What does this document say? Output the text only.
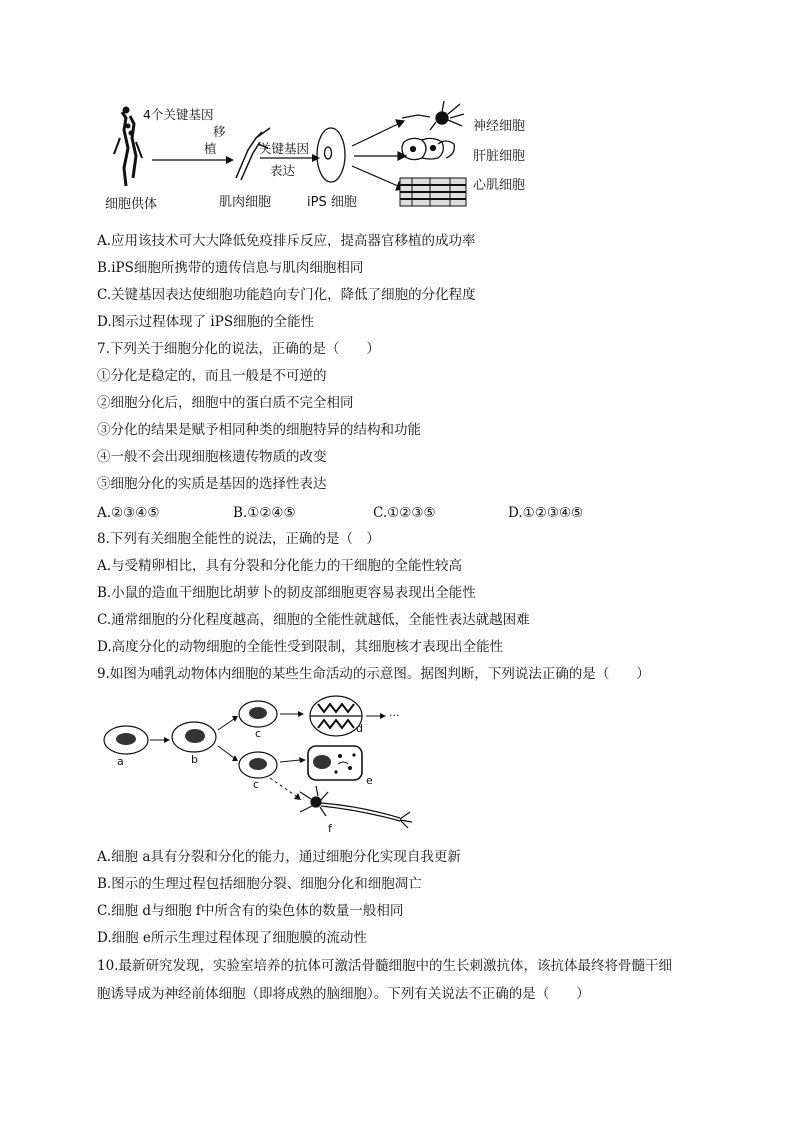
细胞供体
4个关键基因
移
植
肌肉细胞
关键基因
表达
iPS 细胞
神经细胞
肝脏细胞
心肌细胞
A.应用该技术可大大降低免疫排斥反应，提高器官移植的成功率
B.iPS细胞所携带的遗传信息与肌肉细胞相同
C.关键基因表达使细胞功能趋向专门化，降低了细胞的分化程度
D.图示过程体现了 iPS细胞的全能性
7.下列关于细胞分化的说法，正确的是（　　）
①分化是稳定的，而且一般是不可逆的
②细胞分化后，细胞中的蛋白质不完全相同
③分化的结果是赋予相同种类的细胞特异的结构和功能
④一般不会出现细胞核遗传物质的改变
⑤细胞分化的实质是基因的选择性表达
A.②③④⑤	B.①②④⑤	C.①②③⑤	D.①②③④⑤
8.下列有关细胞全能性的说法，正确的是（　）
A.与受精卵相比，具有分裂和分化能力的干细胞的全能性较高
B.小鼠的造血干细胞比胡萝卜的韧皮部细胞更容易表现出全能性
C.通常细胞的分化程度越高，细胞的全能性就越低，全能性表达就越困难
D.高度分化的动物细胞的全能性受到限制，其细胞核才表现出全能性
9.如图为哺乳动物体内细胞的某些生命活动的示意图。据图判断，下列说法正确的是（　　）
a	b
c	d
···
c	e
f
A.细胞 a具有分裂和分化的能力，通过细胞分化实现自我更新
B.图示的生理过程包括细胞分裂、细胞分化和细胞凋亡
C.细胞 d与细胞 f中所含有的染色体的数量一般相同
D.细胞 e所示生理过程体现了细胞膜的流动性
10.最新研究发现，实验室培养的抗体可激活骨髓细胞中的生长刺激抗体，该抗体最终将骨髓干细
胞诱导成为神经前体细胞（即将成熟的脑细胞）。下列有关说法不正确的是（　　）
